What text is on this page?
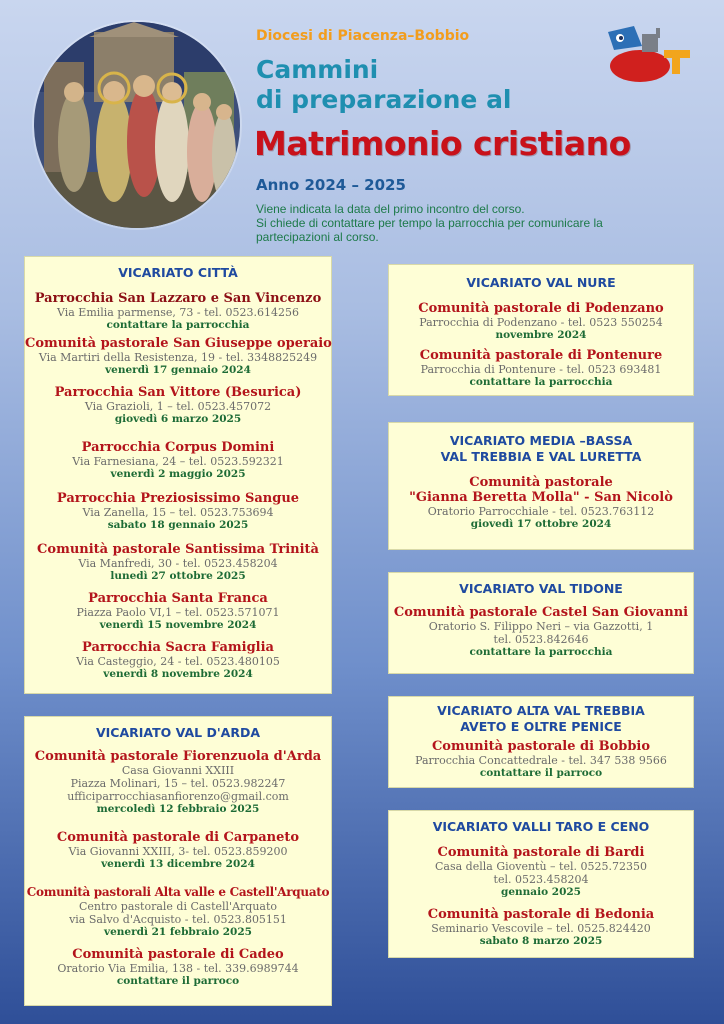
Diocesi di Piacenza–Bobbio
Cammini
di preparazione al
Matrimonio cristiano
Anno 2024 – 2025
Viene indicata la data del primo incontro del corso.
Si chiede di contattare per tempo la parrocchia per comunicare la
partecipazioni al corso.
VICARIATO CITTÀ
Parrocchia San Lazzaro e San Vincenzo
Via Emilia parmense, 73 - tel. 0523.614256
contattare la parrocchia
Comunità pastorale San Giuseppe operaio
Via Martiri della Resistenza, 19 - tel. 3348825249
venerdì 17 gennaio 2024
Parrocchia San Vittore (Besurica)
Via Grazioli, 1 – tel. 0523.457072
giovedì 6 marzo 2025
Parrocchia Corpus Domini
Via Farnesiana, 24 – tel. 0523.592321
venerdì 2 maggio 2025
Parrocchia Preziosissimo Sangue
Via Zanella, 15 – tel. 0523.753694
sabato 18 gennaio 2025
Comunità pastorale Santissima Trinità
Via Manfredi, 30 - tel. 0523.458204
lunedì 27 ottobre 2025
Parrocchia Santa Franca
Piazza Paolo VI,1 – tel. 0523.571071
venerdì 15 novembre 2024
Parrocchia Sacra Famiglia
Via Casteggio, 24 - tel. 0523.480105
venerdì 8 novembre 2024
VICARIATO VAL D'ARDA
Comunità pastorale Fiorenzuola d'Arda
Casa Giovanni XXIII
Piazza Molinari, 15 – tel. 0523.982247
ufficiparrocchiasanfiorenzo@gmail.com
mercoledì 12 febbraio 2025
Comunità pastorale di Carpaneto
Via Giovanni XXIII, 3- tel. 0523.859200
venerdì 13 dicembre 2024
Comunità pastorali Alta valle e Castell'Arquato
Centro pastorale di Castell'Arquato
via Salvo d'Acquisto - tel. 0523.805151
venerdì 21 febbraio 2025
Comunità pastorale di Cadeo
Oratorio Via Emilia, 138 - tel. 339.6989744
contattare il parroco
VICARIATO VAL NURE
Comunità pastorale di Podenzano
Parrocchia di Podenzano - tel. 0523 550254
novembre 2024
Comunità pastorale di Pontenure
Parrocchia di Pontenure - tel. 0523 693481
contattare la parrocchia
VICARIATO MEDIA –BASSA
VAL TREBBIA E VAL LURETTA
Comunità pastorale
"Gianna Beretta Molla" - San Nicolò
Oratorio Parrocchiale - tel. 0523.763112
giovedì 17 ottobre 2024
VICARIATO VAL TIDONE
Comunità pastorale Castel San Giovanni
Oratorio S. Filippo Neri – via Gazzotti, 1
tel. 0523.842646
contattare la parrocchia
VICARIATO ALTA VAL TREBBIA
AVETO E OLTRE PENICE
Comunità pastorale di Bobbio
Parrocchia Concattedrale - tel. 347 538 9566
contattare il parroco
VICARIATO VALLI TARO E CENO
Comunità pastorale di Bardi
Casa della Gioventù – tel. 0525.72350
tel. 0523.458204
gennaio 2025
Comunità pastorale di Bedonia
Seminario Vescovile – tel. 0525.824420
sabato 8 marzo 2025
